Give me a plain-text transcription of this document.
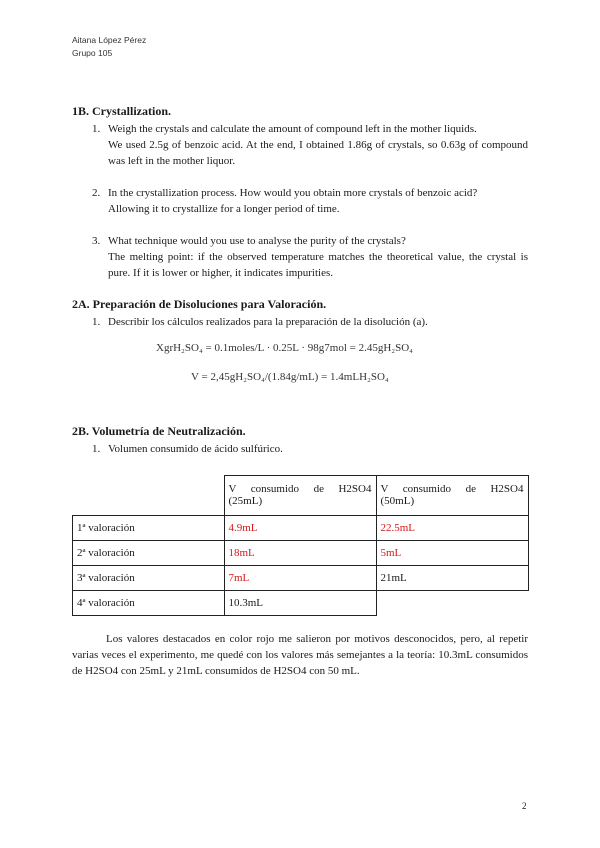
Aitana López Pérez
Grupo 105
1B. Crystallization.
1. Weigh the crystals and calculate the amount of compound left in the mother liquids.
We used 2.5g of benzoic acid. At the end, I obtained 1.86g of crystals, so 0.63g of compound was left in the mother liquor.
2. In the crystallization process. How would you obtain more crystals of benzoic acid?
Allowing it to crystallize for a longer period of time.
3. What technique would you use to analyse the purity of the crystals?
The melting point: if the observed temperature matches the theoretical value, the crystal is pure. If it is lower or higher, it indicates impurities.
2A. Preparación de Disoluciones para Valoración.
1. Describir los cálculos realizados para la preparación de la disolución (a).
XgrH₂SO₄ = 0.1moles/L · 0.25L · 98g7mol = 2.45gH₂SO₄
V = 2,45gH₂SO₄/(1.84g/mL) = 1.4mLH₂SO₄
2B. Volumetría de Neutralización.
1. Volumen consumido de ácido sulfúrico.
	V consumido de H2SO4 (25mL)	V consumido de H2SO4 (50mL)
1ª valoración	4.9mL	22.5mL
2ª valoración	18mL	5mL
3ª valoración	7mL	21mL
4ª valoración	10.3mL	
Los valores destacados en color rojo me salieron por motivos desconocidos, pero, al repetir varias veces el experimento, me quedé con los valores más semejantes a la teoría: 10.3mL consumidos de H2SO4 con 25mL y 21mL consumidos de H2SO4 con 50 mL.
2
